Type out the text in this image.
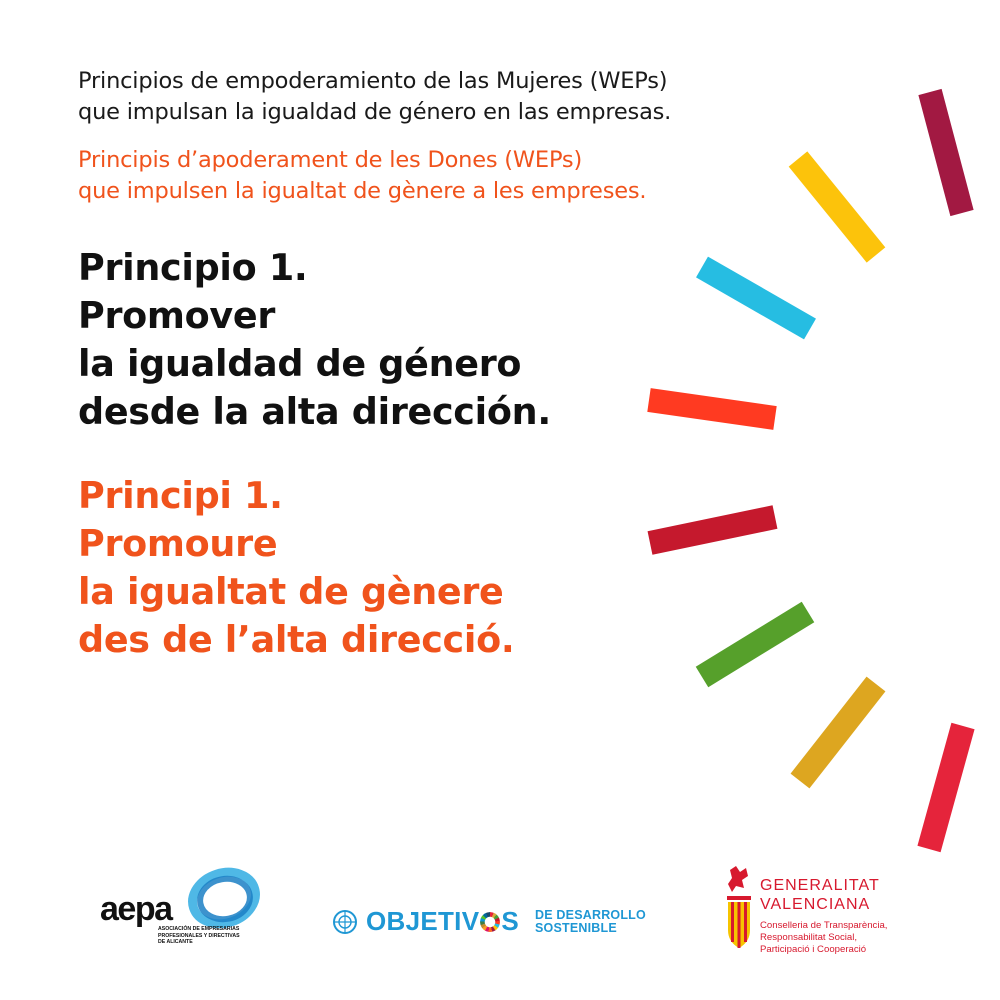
Principios de empoderamiento de las Mujeres (WEPs)

que impulsan la igualdad de género en las empresas.

Principis d’apoderament de les Dones (WEPs)

que impulsen la igualtat de gènere a les empreses.

Principio 1.

Promover

la igualdad de género

desde la alta dirección.

Principi 1.

Promoure

la igualtat de gènere

des de l’alta direcció.

aepa
ASOCIACIÓN DE EMPRESARIAS
PROFESIONALES Y DIRECTIVAS
DE ALICANTE
OBJETIV S DE DESARROLLO
SOSTENIBLE
GENERALITAT
VALENCIANA
Conselleria de Transparència,
Responsabilitat Social,
Participació i Cooperació
